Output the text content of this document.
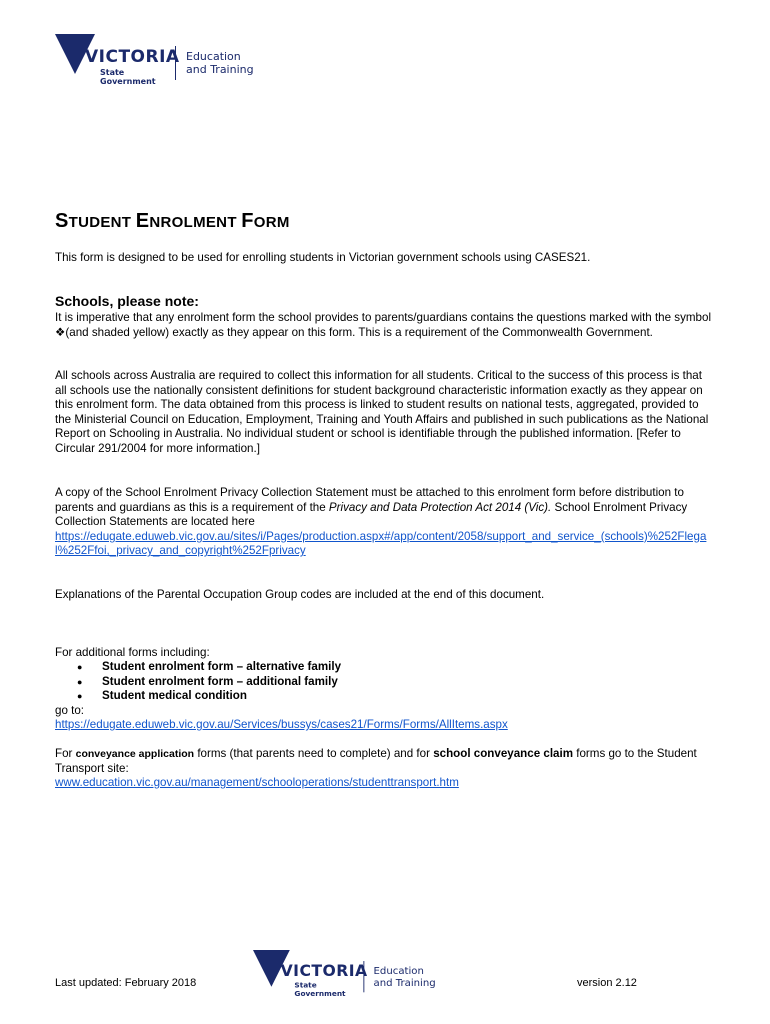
VICTORIA
State
Government
Education
and Training
STUDENT ENROLMENT FORM

This form is designed to be used for enrolling students in Victorian government schools using CASES21.

Schools, please note:

It is imperative that any enrolment form the school provides to parents/guardians contains the questions marked with the symbol ❖(and shaded yellow) exactly as they appear on this form. This is a requirement of the Commonwealth Government.

All schools across Australia are required to collect this information for all students. Critical to the success of this process is that all schools use the nationally consistent definitions for student background characteristic information exactly as they appear on this enrolment form. The data obtained from this process is linked to student results on national tests, aggregated, provided to the Ministerial Council on Education, Employment, Training and Youth Affairs and published in such publications as the National Report on Schooling in Australia. No individual student or school is identifiable through the published information. [Refer to Circular 291/2004 for more information.]

A copy of the School Enrolment Privacy Collection Statement must be attached to this enrolment form before distribution to parents and guardians as this is a requirement of the Privacy and Data Protection Act 2014 (Vic). School Enrolment Privacy Collection Statements are located here
https://edugate.eduweb.vic.gov.au/sites/i/Pages/production.aspx#/app/content/2058/support_and_service_(schools)%252Flegal%252Ffoi,_privacy_and_copyright%252Fprivacy

Explanations of the Parental Occupation Group codes are included at the end of this document.

For additional forms including:

● Student enrolment form – alternative family
● Student enrolment form – additional family
● Student medical condition

go to:

https://edugate.eduweb.vic.gov.au/Services/bussys/cases21/Forms/Forms/AllItems.aspx

For conveyance application forms (that parents need to complete) and for school conveyance claim forms go to the Student Transport site:

www.education.vic.gov.au/management/schooloperations/studenttransport.htm

Last updated: February 2018
VICTORIA
State
Government
Education
and Training	version 2.12
